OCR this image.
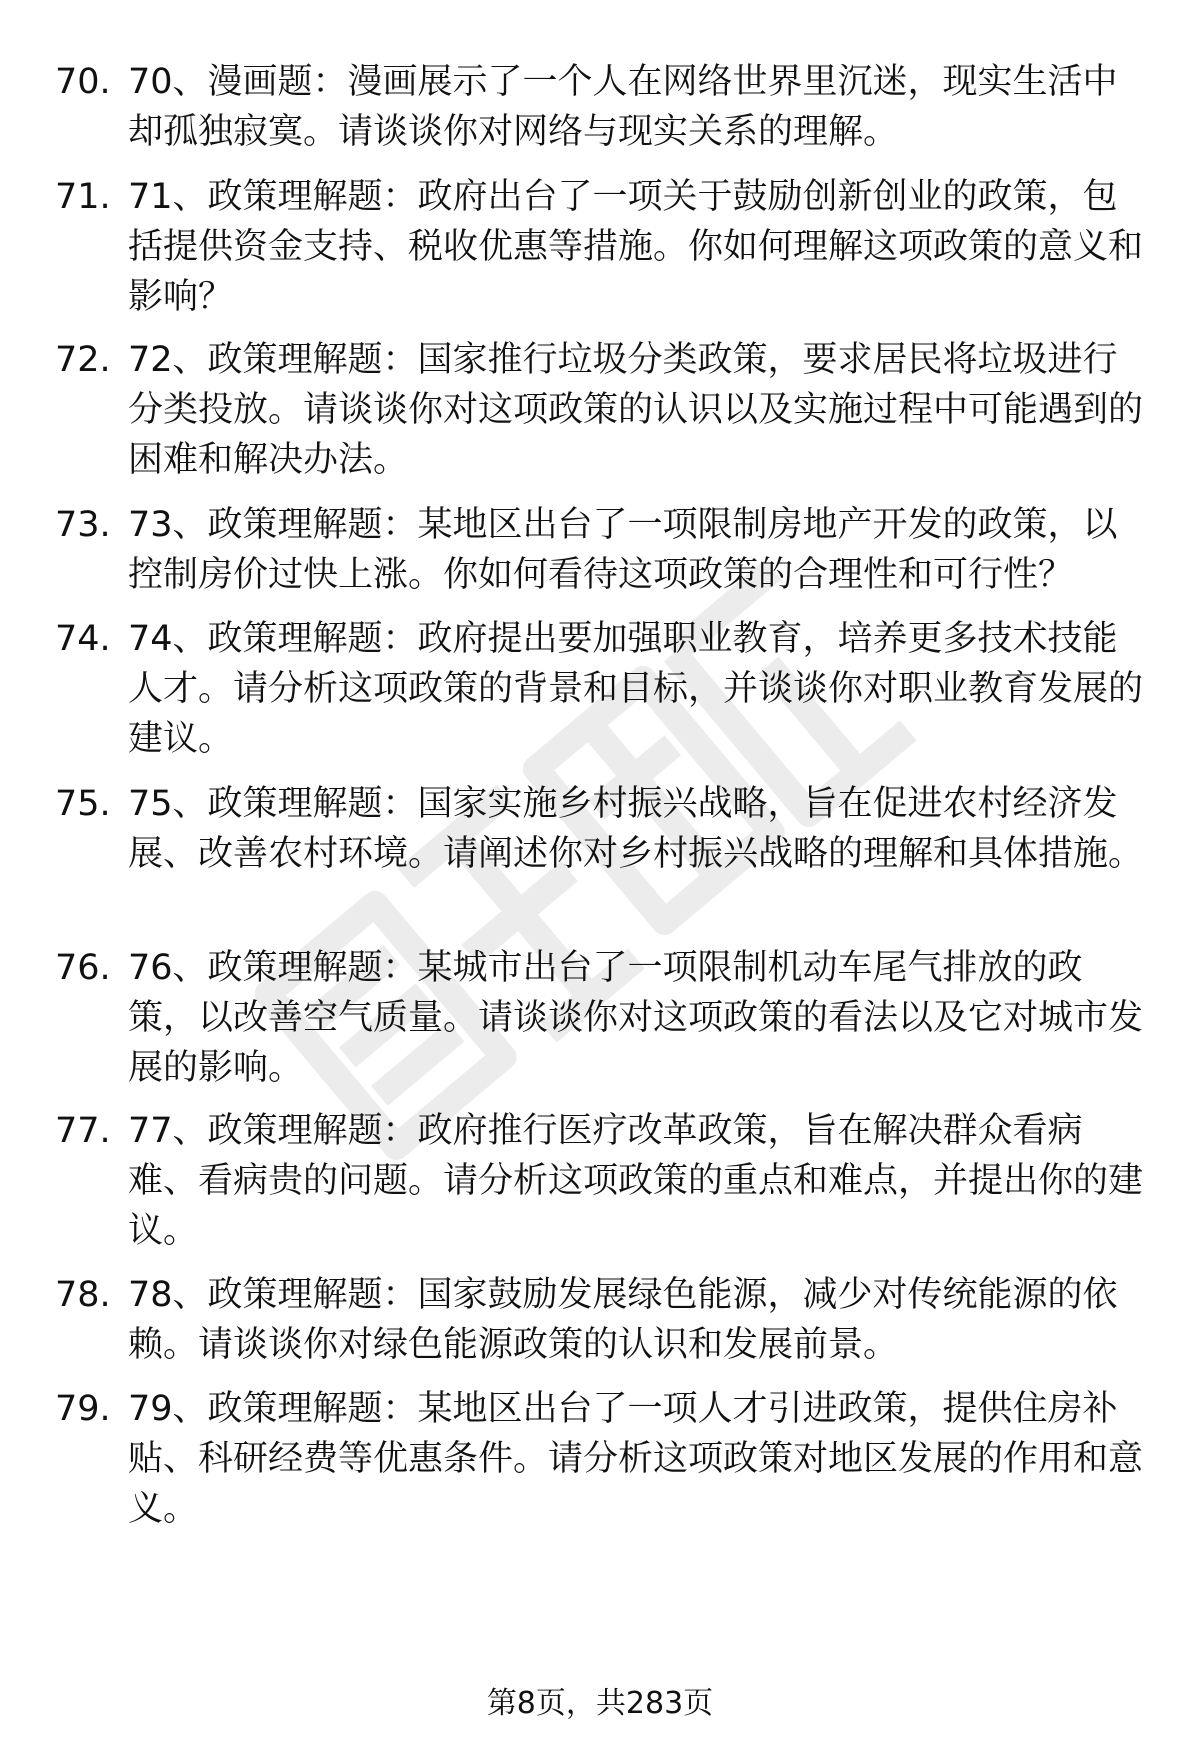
70. 70、漫画题：漫画展示了一个人在网络世界里沉迷，现实生活中却孤独寂寞。请谈谈你对网络与现实关系的理解。
71. 71、政策理解题：政府出台了一项关于鼓励创新创业的政策，包括提供资金支持、税收优惠等措施。你如何理解这项政策的意义和影响？
72. 72、政策理解题：国家推行垃圾分类政策，要求居民将垃圾进行分类投放。请谈谈你对这项政策的认识以及实施过程中可能遇到的困难和解决办法。
73. 73、政策理解题：某地区出台了一项限制房地产开发的政策，以控制房价过快上涨。你如何看待这项政策的合理性和可行性？
74. 74、政策理解题：政府提出要加强职业教育，培养更多技术技能人才。请分析这项政策的背景和目标，并谈谈你对职业教育发展的建议。
75. 75、政策理解题：国家实施乡村振兴战略，旨在促进农村经济发展、改善农村环境。请阐述你对乡村振兴战略的理解和具体措施。
76. 76、政策理解题：某城市出台了一项限制机动车尾气排放的政策，以改善空气质量。请谈谈你对这项政策的看法以及它对城市发展的影响。
77. 77、政策理解题：政府推行医疗改革政策，旨在解决群众看病难、看病贵的问题。请分析这项政策的重点和难点，并提出你的建议。
78. 78、政策理解题：国家鼓励发展绿色能源，减少对传统能源的依赖。请谈谈你对绿色能源政策的认识和发展前景。
79. 79、政策理解题：某地区出台了一项人才引进政策，提供住房补贴、科研经费等优惠条件。请分析这项政策对地区发展的作用和意义。
第8页，共283页
